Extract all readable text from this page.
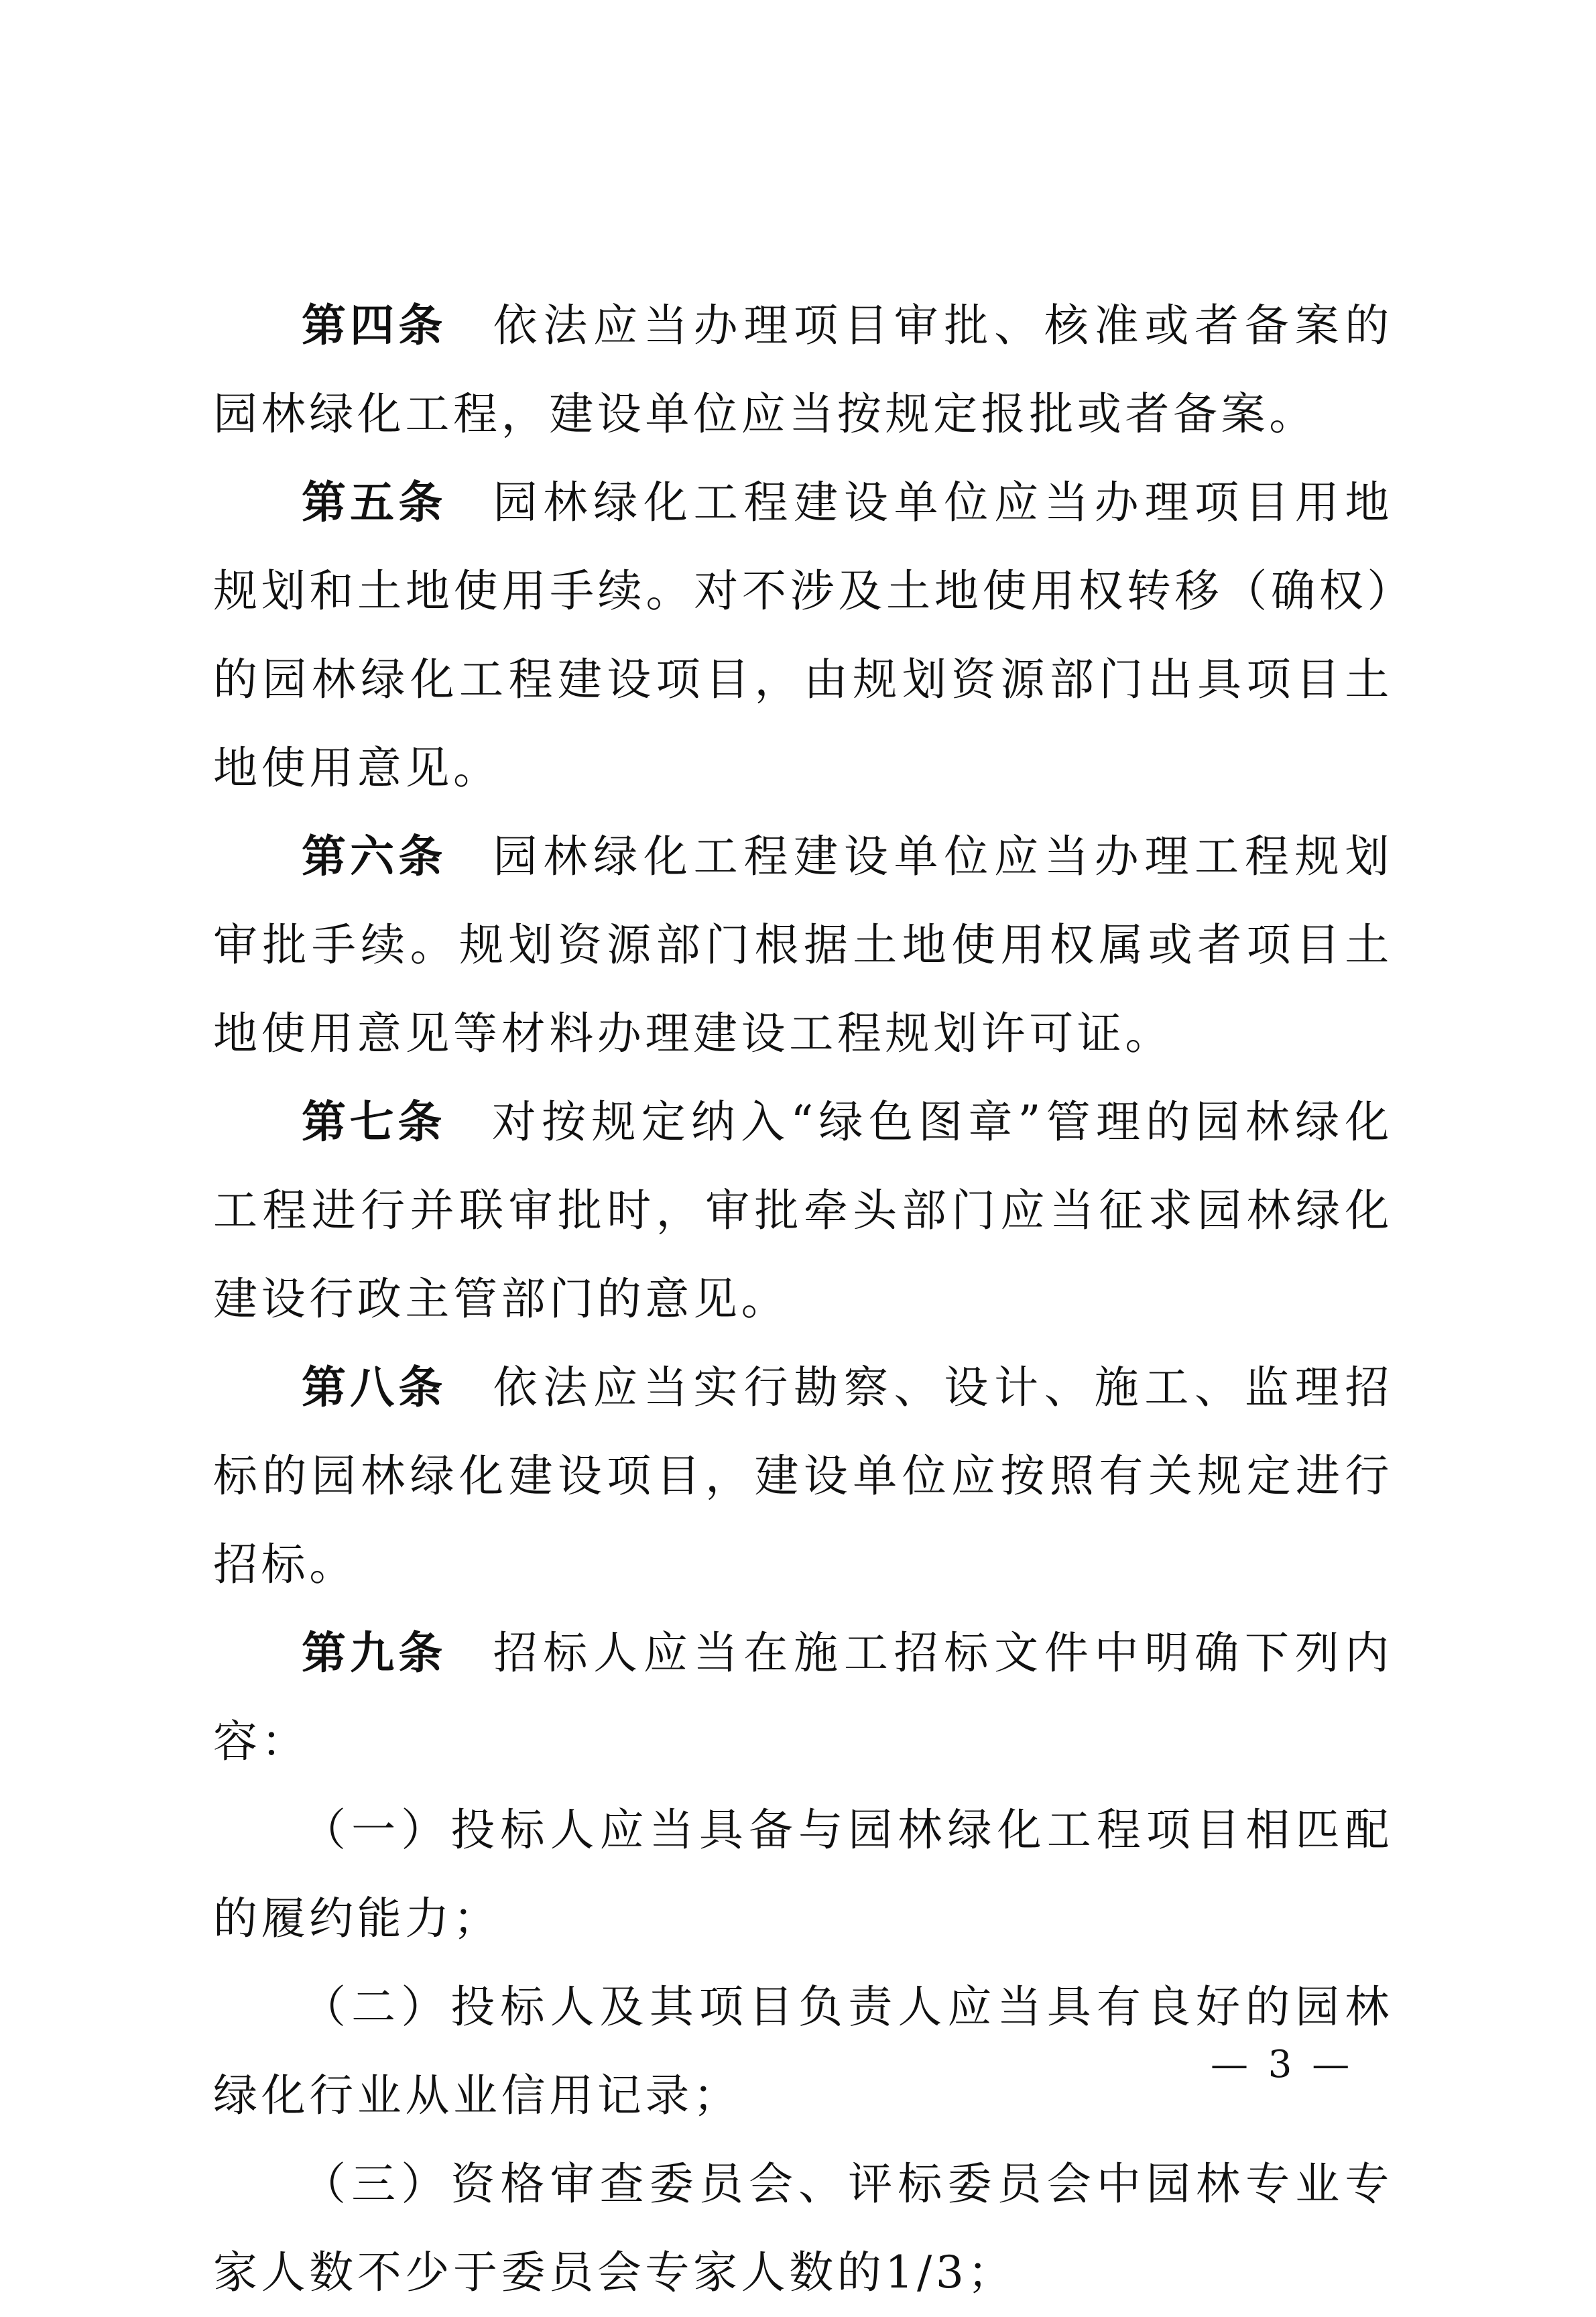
第四条 依法应当办理项目审批、核准或者备案的园林绿化工程，建设单位应当按规定报批或者备案。

第五条 园林绿化工程建设单位应当办理项目用地规划和土地使用手续。对不涉及土地使用权转移（确权）的园林绿化工程建设项目，由规划资源部门出具项目土地使用意见。

第六条 园林绿化工程建设单位应当办理工程规划审批手续。规划资源部门根据土地使用权属或者项目土地使用意见等材料办理建设工程规划许可证。

第七条 对按规定纳入“绿色图章”管理的园林绿化工程进行并联审批时，审批牵头部门应当征求园林绿化建设行政主管部门的意见。

第八条 依法应当实行勘察、设计、施工、监理招标的园林绿化建设项目，建设单位应按照有关规定进行招标。

第九条 招标人应当在施工招标文件中明确下列内容：

（一）投标人应当具备与园林绿化工程项目相匹配的履约能力；

（二）投标人及其项目负责人应当具有良好的园林绿化行业从业信用记录；

（三）资格审查委员会、评标委员会中园林专业专家人数不少于委员会专家人数的1/3；

— 3 —
